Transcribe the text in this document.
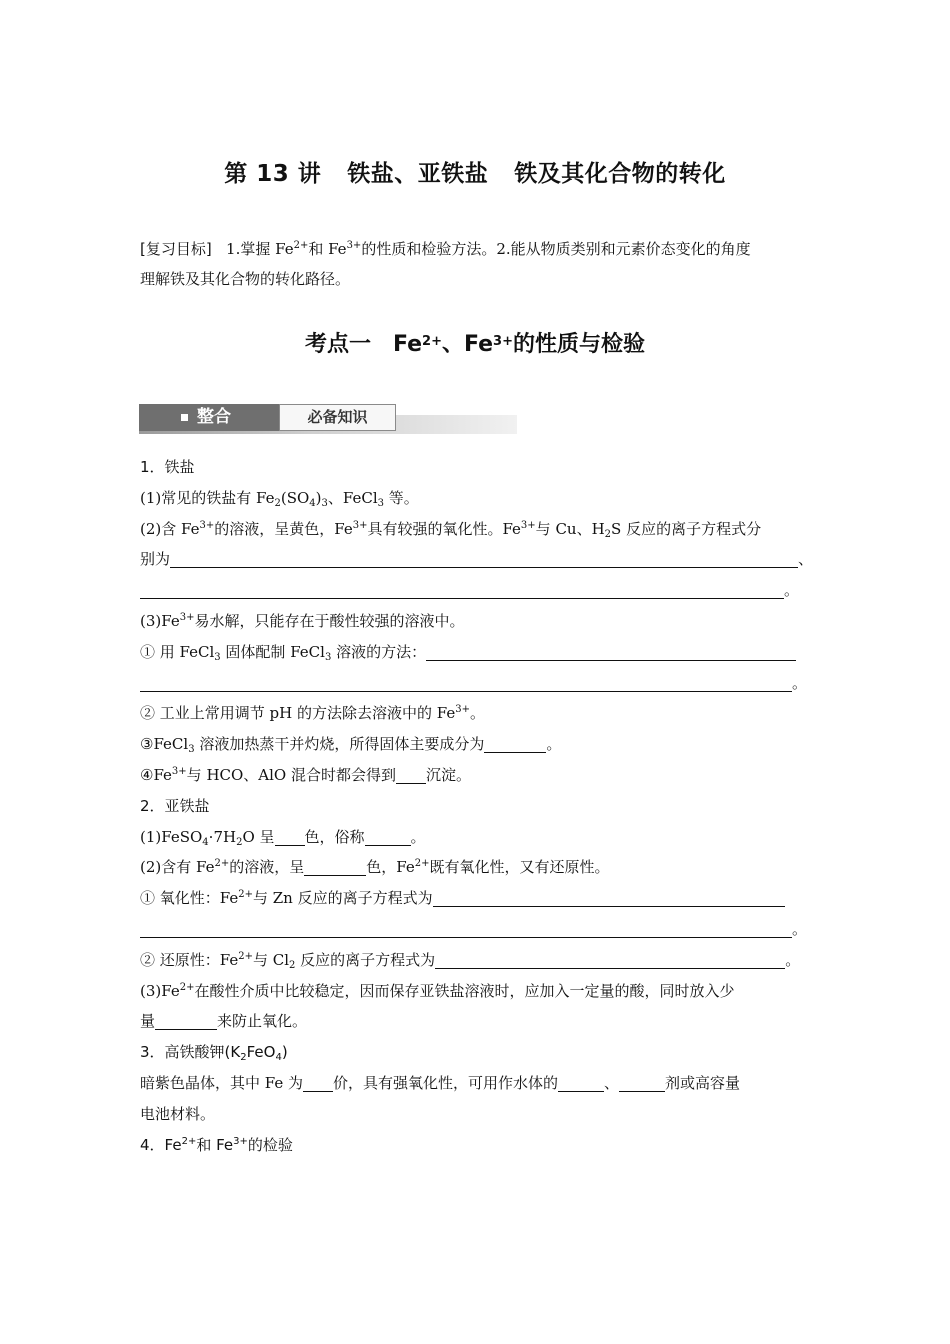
第 13 讲 铁盐、亚铁盐 铁及其化合物的转化
[复习目标] 1.掌握 $Fe^{2+}$和 $Fe^{3+}$的性质和检验方法。2.能从物质类别和元素价态变化的角度
理解铁及其化合物的转化路径。
考点一　$Fe^{2+}$、$Fe^{3+}$的性质与检验
整合	必备知识
1．铁盐
(1)常见的铁盐有 $Fe_2(SO_4)_3$、FeCl$_3$ 等。
(2)含 $Fe^{3+}$的溶液，呈黄色，$Fe^{3+}$具有较强的氧化性。$Fe^{3+}$与 Cu、$H_2S$ 反应的离子方程式分
别为	、
。
$(3)Fe^{3+}$易水解，只能存在于酸性较强的溶液中。
① 用 FeCl$_3$ 固体配制 FeCl$_3$ 溶液的方法：
。
② 工业上常用调节 pH 的方法除去溶液中的 $Fe^{3+}$。
③FeCl$_3$ 溶液加热蒸干并灼烧，所得固体主要成分为	。
$④Fe^{3+}$与 HCO、AlO 混合时都会得到 沉淀。
2．亚铁盐
$(1)FeSO_4\cdot 7H_2O$ 呈 色，俗称	。
(2)含有 $Fe^{2+}$的溶液，呈	色，$Fe^{2+}$既有氧化性，又有还原性。
① 氧化性：$Fe^{2+}$与 Zn 反应的离子方程式为
。
② 还原性：$Fe^{2+}$与 $Cl_2$ 反应的离子方程式为	。
$(3)Fe^{2+}$在酸性介质中比较稳定，因而保存亚铁盐溶液时，应加入一定量的酸，同时放入少
量	来防止氧化。
3．高铁酸钾$(K_2FeO_4)$
暗紫色晶体，其中 Fe 为 价，具有强氧化性，可用作水体的	、	剂或高容量
电池材料。
4．$Fe^{2+}$和 $Fe^{3+}$的检验
